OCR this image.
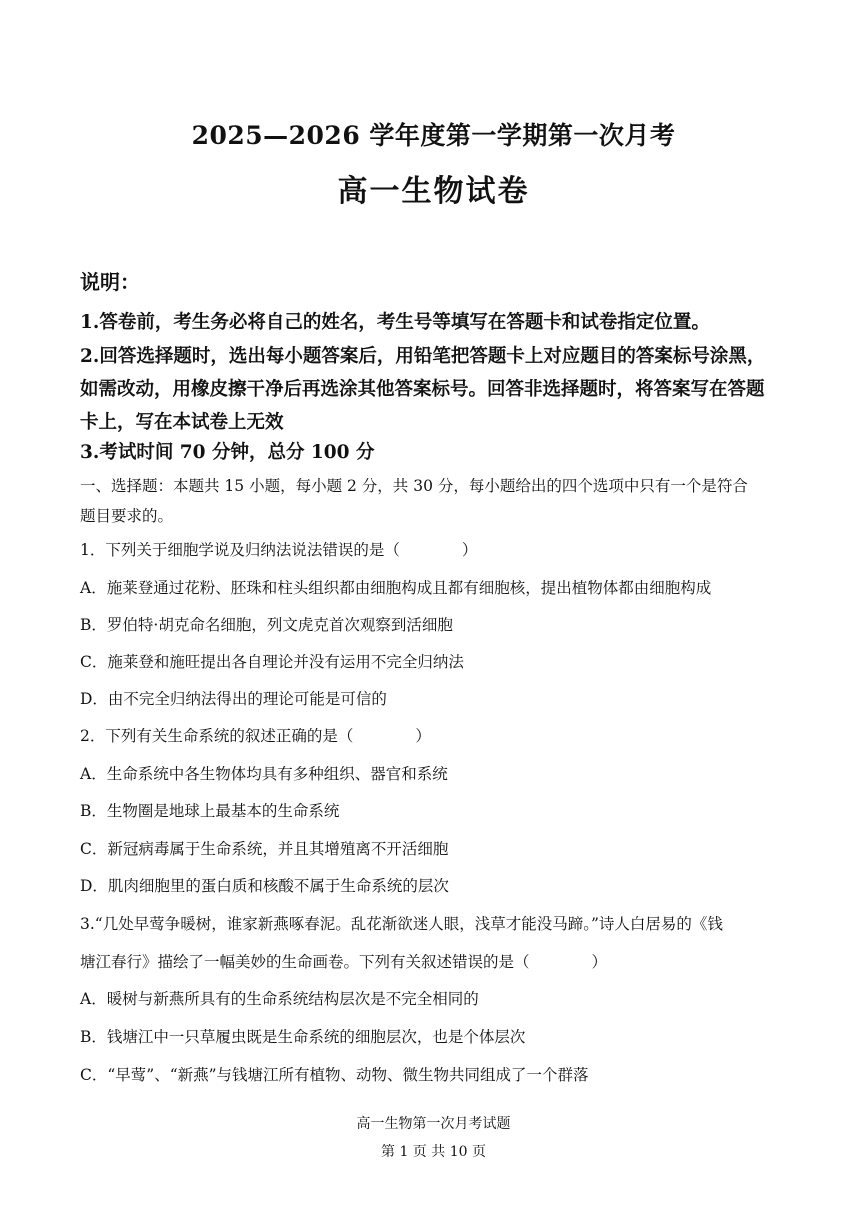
2025—2026 学年度第一学期第一次月考
高一生物试卷
说明：
1.答卷前，考生务必将自己的姓名，考生号等填写在答题卡和试卷指定位置。
2.回答选择题时，选出每小题答案后，用铅笔把答题卡上对应题目的答案标号涂黑，如需改动，用橡皮擦干净后再选涂其他答案标号。回答非选择题时，将答案写在答题卡上，写在本试卷上无效
3.考试时间 70 分钟，总分 100 分
一、选择题：本题共 15 小题，每小题 2 分，共 30 分，每小题给出的四个选项中只有一个是符合
题目要求的。
1．下列关于细胞学说及归纳法说法错误的是（　　　　）
A．施莱登通过花粉、胚珠和柱头组织都由细胞构成且都有细胞核，提出植物体都由细胞构成
B．罗伯特·胡克命名细胞，列文虎克首次观察到活细胞
C．施莱登和施旺提出各自理论并没有运用不完全归纳法
D．由不完全归纳法得出的理论可能是可信的
2．下列有关生命系统的叙述正确的是（　　　　）
A．生命系统中各生物体均具有多种组织、器官和系统
B．生物圈是地球上最基本的生命系统
C．新冠病毒属于生命系统，并且其增殖离不开活细胞
D．肌肉细胞里的蛋白质和核酸不属于生命系统的层次
3.“几处早莺争暖树，谁家新燕啄春泥。乱花渐欲迷人眼，浅草才能没马蹄。”诗人白居易的《钱
塘江春行》描绘了一幅美妙的生命画卷。下列有关叙述错误的是（　　　　）
A．暖树与新燕所具有的生命系统结构层次是不完全相同的
B．钱塘江中一只草履虫既是生命系统的细胞层次，也是个体层次
C．“早莺”、“新燕”与钱塘江所有植物、动物、微生物共同组成了一个群落
高一生物第一次月考试题
第 1 页 共 10 页
